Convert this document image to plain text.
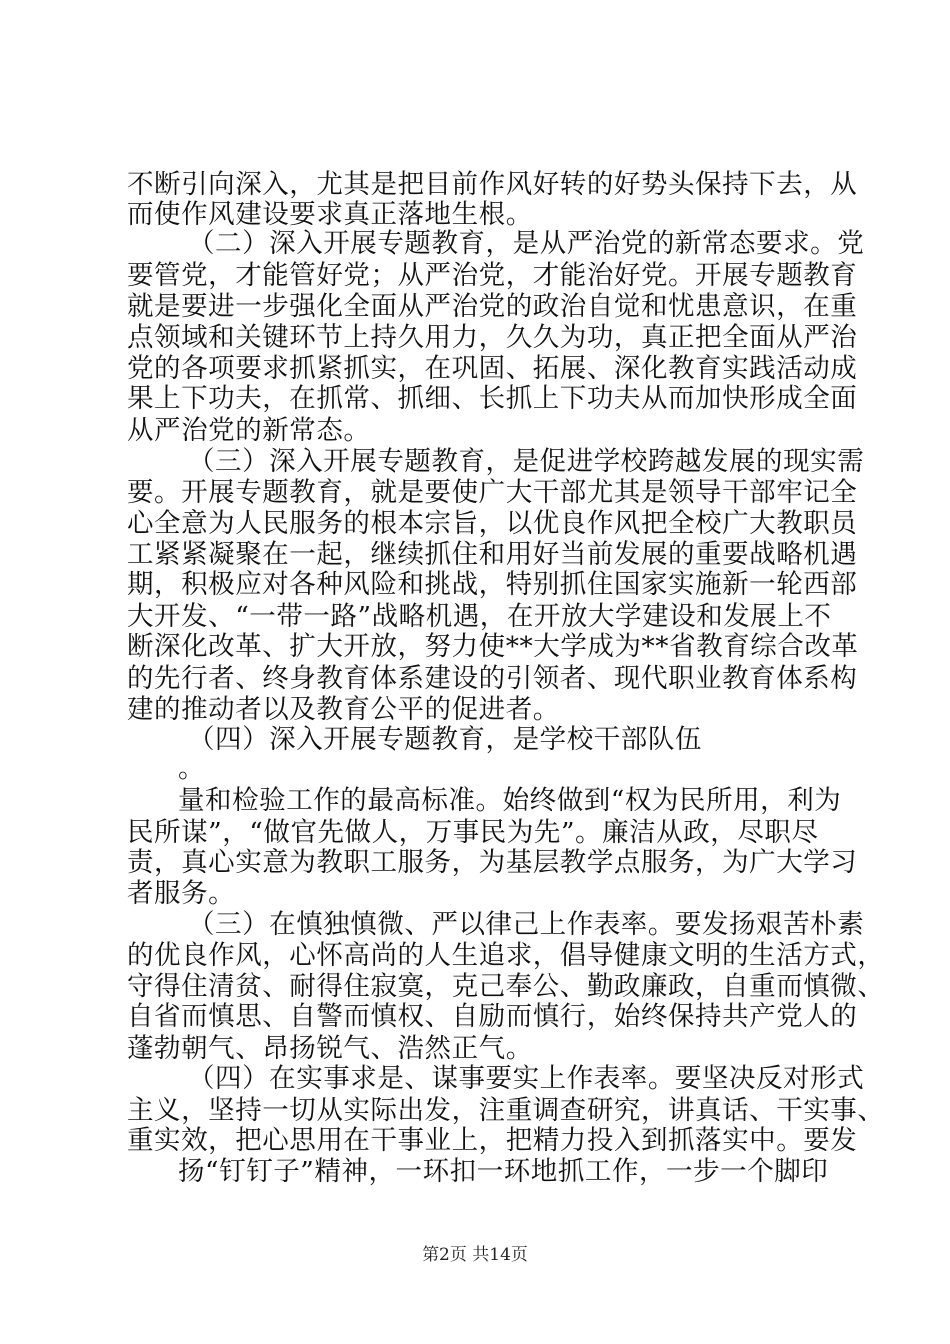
不断引向深入，尤其是把目前作风好转的好势头保持下去，从
而使作风建设要求真正落地生根。
（二）深入开展专题教育，是从严治党的新常态要求。党
要管党，才能管好党；从严治党，才能治好党。开展专题教育
就是要进一步强化全面从严治党的政治自觉和忧患意识，在重
点领域和关键环节上持久用力，久久为功，真正把全面从严治
党的各项要求抓紧抓实，在巩固、拓展、深化教育实践活动成
果上下功夫，在抓常、抓细、长抓上下功夫从而加快形成全面
从严治党的新常态。
（三）深入开展专题教育，是促进学校跨越发展的现实需
要。开展专题教育，就是要使广大干部尤其是领导干部牢记全
心全意为人民服务的根本宗旨，以优良作风把全校广大教职员
工紧紧凝聚在一起，继续抓住和用好当前发展的重要战略机遇
期，积极应对各种风险和挑战，特别抓住国家实施新一轮西部
大开发、“一带一路”战略机遇，在开放大学建设和发展上不
断深化改革、扩大开放，努力使**大学成为**省教育综合改革
的先行者、终身教育体系建设的引领者、现代职业教育体系构
建的推动者以及教育公平的促进者。
（四）深入开展专题教育，是学校干部队伍
。
量和检验工作的最高标准。始终做到“权为民所用，利为
民所谋”，“做官先做人，万事民为先”。廉洁从政，尽职尽
责，真心实意为教职工服务，为基层教学点服务，为广大学习
者服务。
（三）在慎独慎微、严以律己上作表率。要发扬艰苦朴素
的优良作风，心怀高尚的人生追求，倡导健康文明的生活方式，
守得住清贫、耐得住寂寞，克己奉公、勤政廉政，自重而慎微、
自省而慎思、自警而慎权、自励而慎行，始终保持共产党人的
蓬勃朝气、昂扬锐气、浩然正气。
（四）在实事求是、谋事要实上作表率。要坚决反对形式
主义，坚持一切从实际出发，注重调查研究，讲真话、干实事、
重实效，把心思用在干事业上，把精力投入到抓落实中。要发
扬“钉钉子”精神，一环扣一环地抓工作，一步一个脚印
第2页 共14页
